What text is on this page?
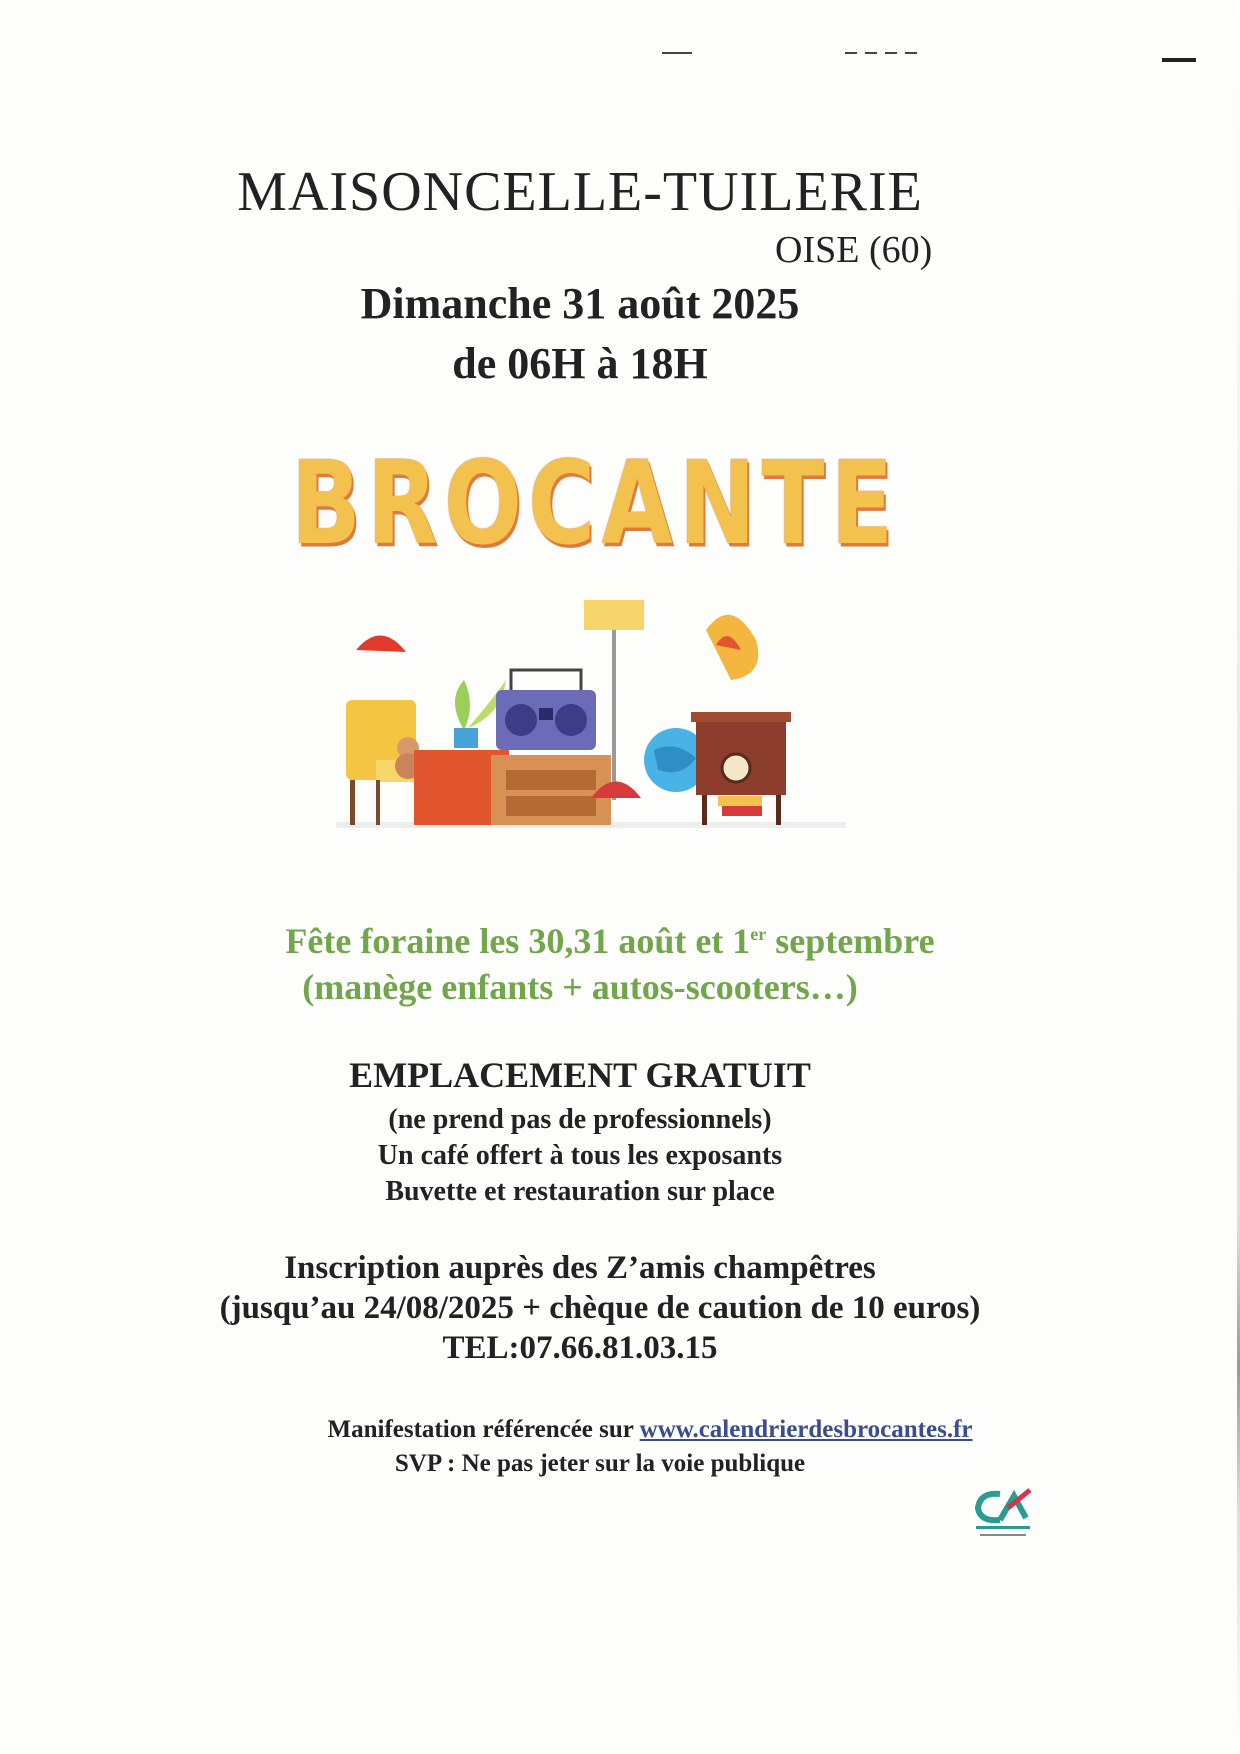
MAISONCELLE-TUILERIE
OISE (60)
Dimanche 31 août 2025
de 06H à 18H
BROCANTE
Fête foraine les 30,31 août et 1er septembre
(manège enfants + autos-scooters…)
EMPLACEMENT GRATUIT
(ne prend pas de professionnels)
Un café offert à tous les exposants
Buvette et restauration sur place
Inscription auprès des Z’amis champêtres
(jusqu’au 24/08/2025 + chèque de caution de 10 euros)
TEL:07.66.81.03.15
Manifestation référencée sur www.calendrierdesbrocantes.fr
SVP : Ne pas jeter sur la voie publique
